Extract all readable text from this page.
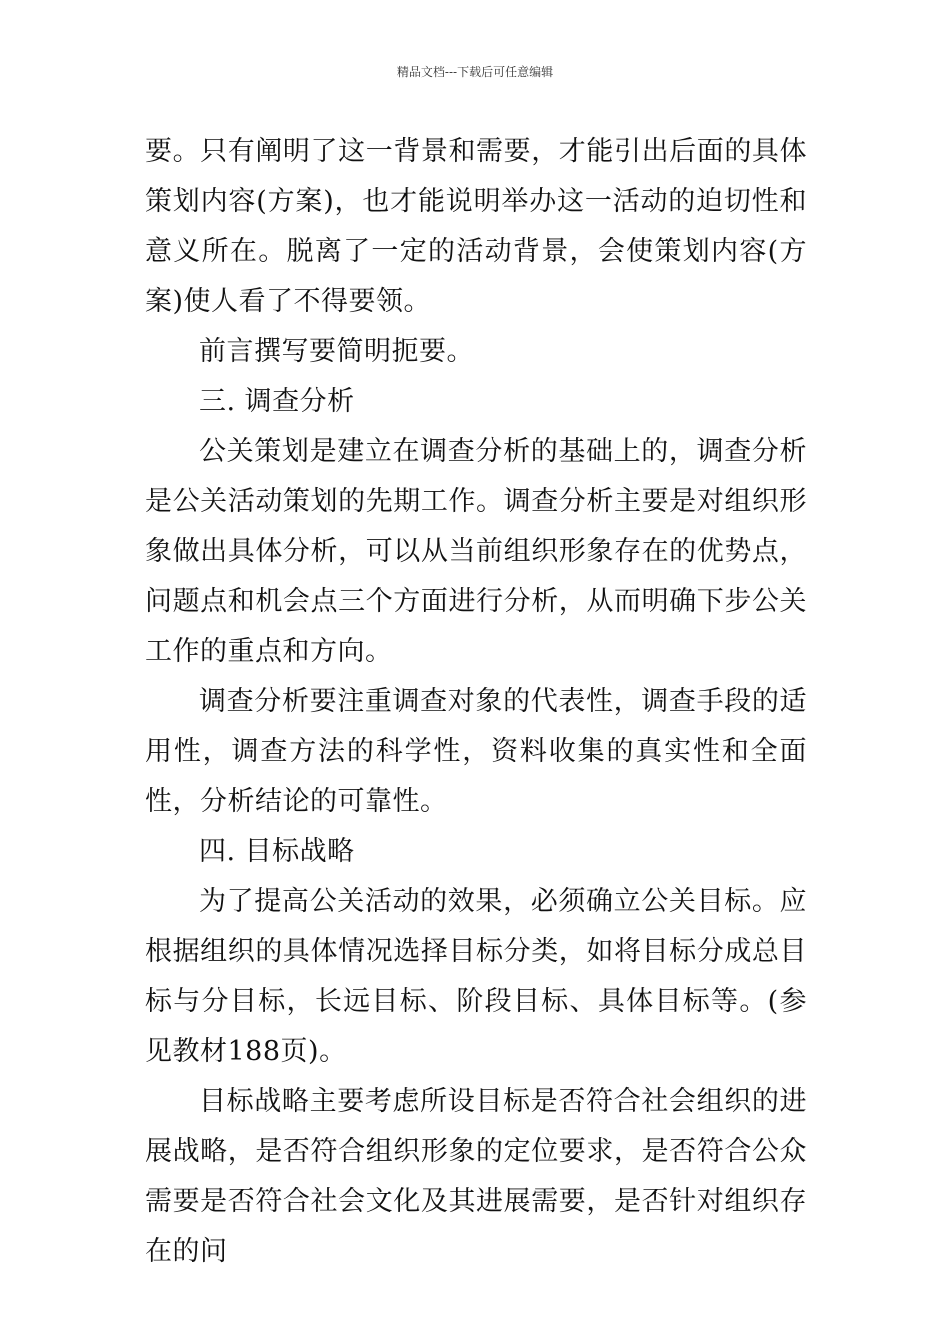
精品文档---下载后可任意编辑

要。只有阐明了这一背景和需要，才能引出后面的具体策划内容(方案)，也才能说明举办这一活动的迫切性和意义所在。脱离了一定的活动背景，会使策划内容(方案)使人看了不得要领。

前言撰写要简明扼要。

三. 调查分析

公关策划是建立在调查分析的基础上的，调查分析是公关活动策划的先期工作。调查分析主要是对组织形象做出具体分析，可以从当前组织形象存在的优势点，问题点和机会点三个方面进行分析，从而明确下步公关工作的重点和方向。

调查分析要注重调查对象的代表性，调查手段的适用性，调查方法的科学性，资料收集的真实性和全面性，分析结论的可靠性。

四. 目标战略

为了提高公关活动的效果，必须确立公关目标。应根据组织的具体情况选择目标分类，如将目标分成总目标与分目标，长远目标、阶段目标、具体目标等。(参见教材188页)。

目标战略主要考虑所设目标是否符合社会组织的进展战略，是否符合组织形象的定位要求，是否符合公众需要是否符合社会文化及其进展需要，是否针对组织存在的问
